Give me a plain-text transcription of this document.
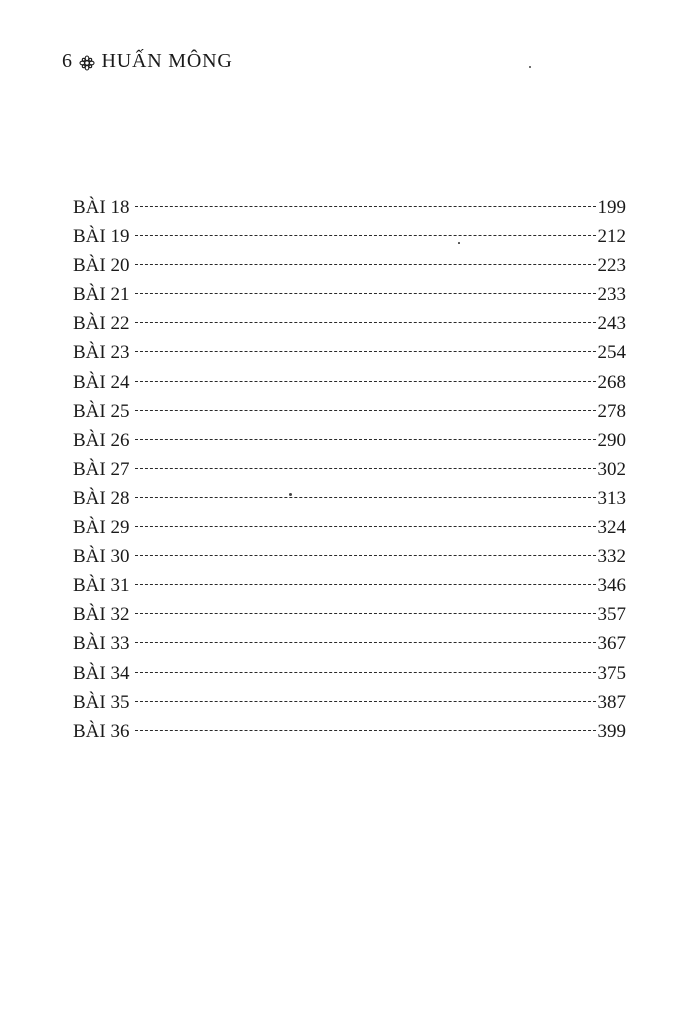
6 HUẤN MÔNG
BÀI 18	199
BÀI 19	212
BÀI 20	223
BÀI 21	233
BÀI 22	243
BÀI 23	254
BÀI 24	268
BÀI 25	278
BÀI 26	290
BÀI 27	302
BÀI 28	313
BÀI 29	324
BÀI 30	332
BÀI 31	346
BÀI 32	357
BÀI 33	367
BÀI 34	375
BÀI 35	387
BÀI 36	399
